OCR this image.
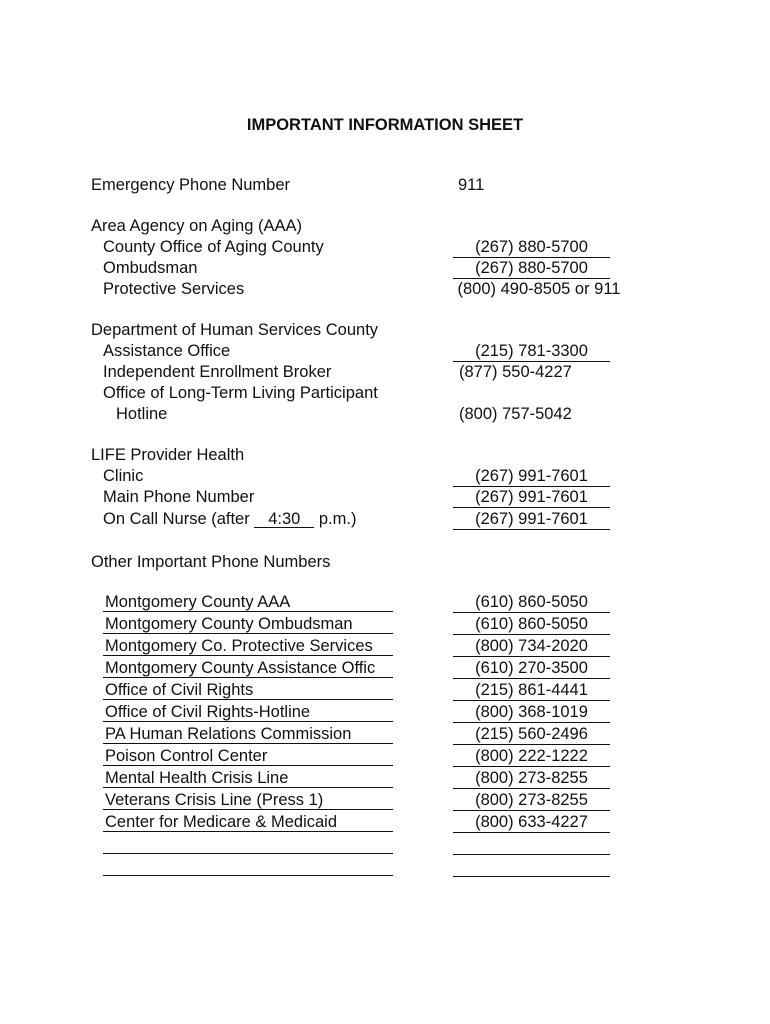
IMPORTANT INFORMATION SHEET
Emergency Phone Number	911
Area Agency on Aging (AAA)
County Office of Aging County	(267) 880-5700
Ombudsman	(267) 880-5700
Protective Services	(800) 490-8505 or 911
Department of Human Services County
Assistance Office	(215) 781-3300
Independent Enrollment Broker	(877) 550-4227
Office of Long-Term Living Participant
Hotline	(800) 757-5042
LIFE Provider Health
Clinic	(267) 991-7601
Main Phone Number	(267) 991-7601
On Call Nurse (after 4:30 p.m.)	(267) 991-7601
Other Important Phone Numbers
Montgomery County AAA	(610) 860-5050
Montgomery County Ombudsman	(610) 860-5050
Montgomery Co. Protective Services	(800) 734-2020
Montgomery County Assistance Offic	(610) 270-3500
Office of Civil Rights	(215) 861-4441
Office of Civil Rights-Hotline	(800) 368-1019
PA Human Relations Commission	(215) 560-2496
Poison Control Center	(800) 222-1222
Mental Health Crisis Line	(800) 273-8255
Veterans Crisis Line (Press 1)	(800) 273-8255
Center for Medicare & Medicaid	(800) 633-4227
